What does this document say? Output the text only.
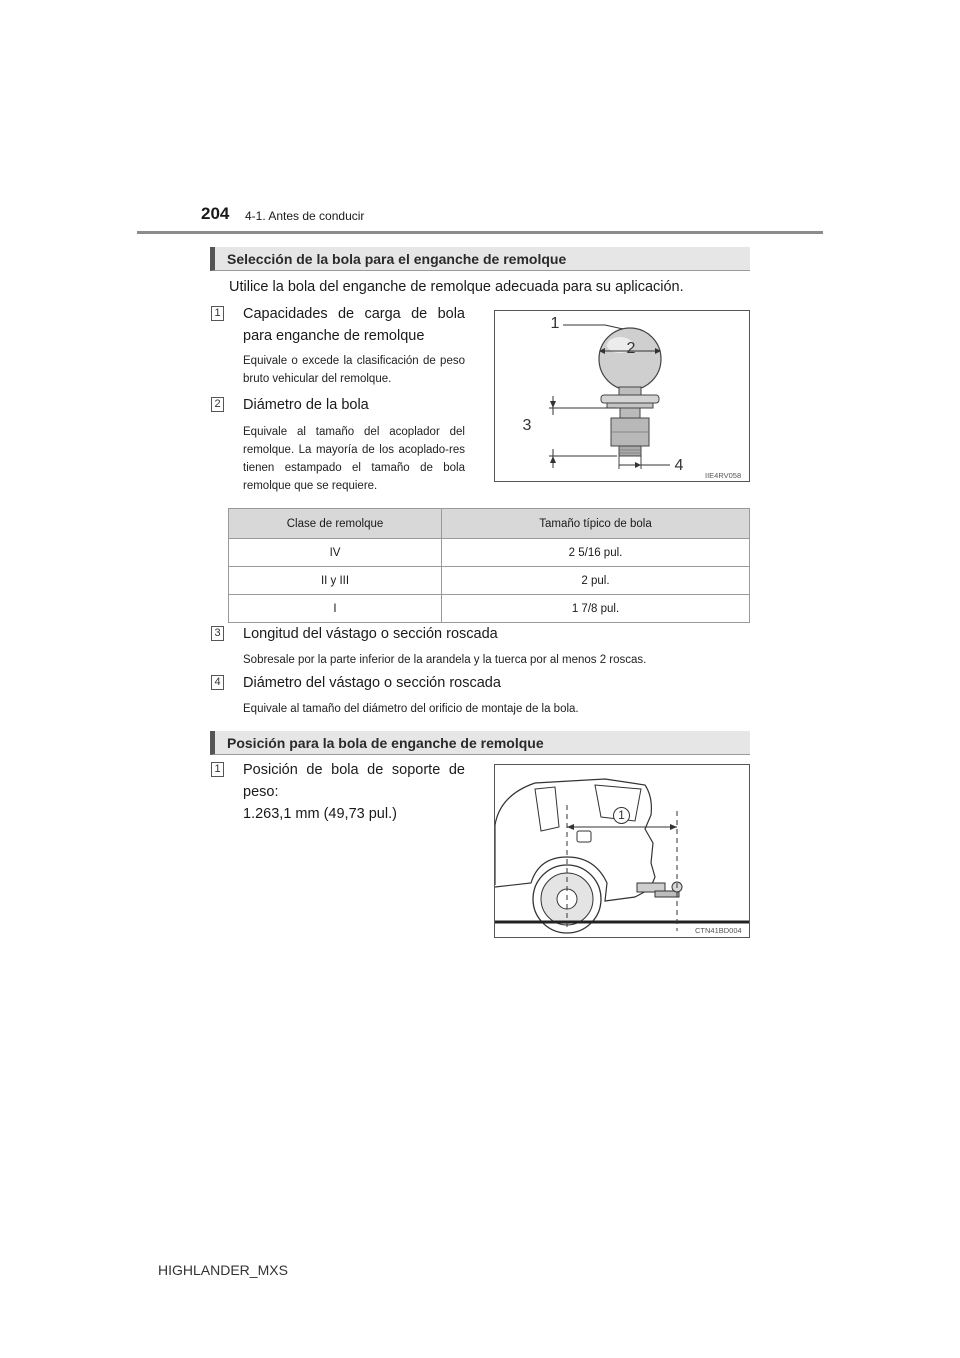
204 4-1. Antes de conducir
Selección de la bola para el enganche de remolque
Utilice la bola del enganche de remolque adecuada para su aplicación.
1 Capacidades de carga de bola para enganche de remolque
Equivale o excede la clasificación de peso bruto vehicular del remolque.
2 Diámetro de la bola
Equivale al tamaño del acoplador del remolque. La mayoría de los acoplado-res tienen estampado el tamaño de bola remolque que se requiere.
1
2
3
4
IIE4RV058
Clase de remolque	Tamaño típico de bola
IV	2 5/16 pul.
II y III	2 pul.
I	1 7/8 pul.
3 Longitud del vástago o sección roscada
Sobresale por la parte inferior de la arandela y la tuerca por al menos 2 roscas.
4 Diámetro del vástago o sección roscada
Equivale al tamaño del diámetro del orificio de montaje de la bola.
Posición para la bola de enganche de remolque
1 Posición de bola de soporte de
peso:
1.263,1 mm (49,73 pul.)	1
CTN41BD004
HIGHLANDER_MXS
